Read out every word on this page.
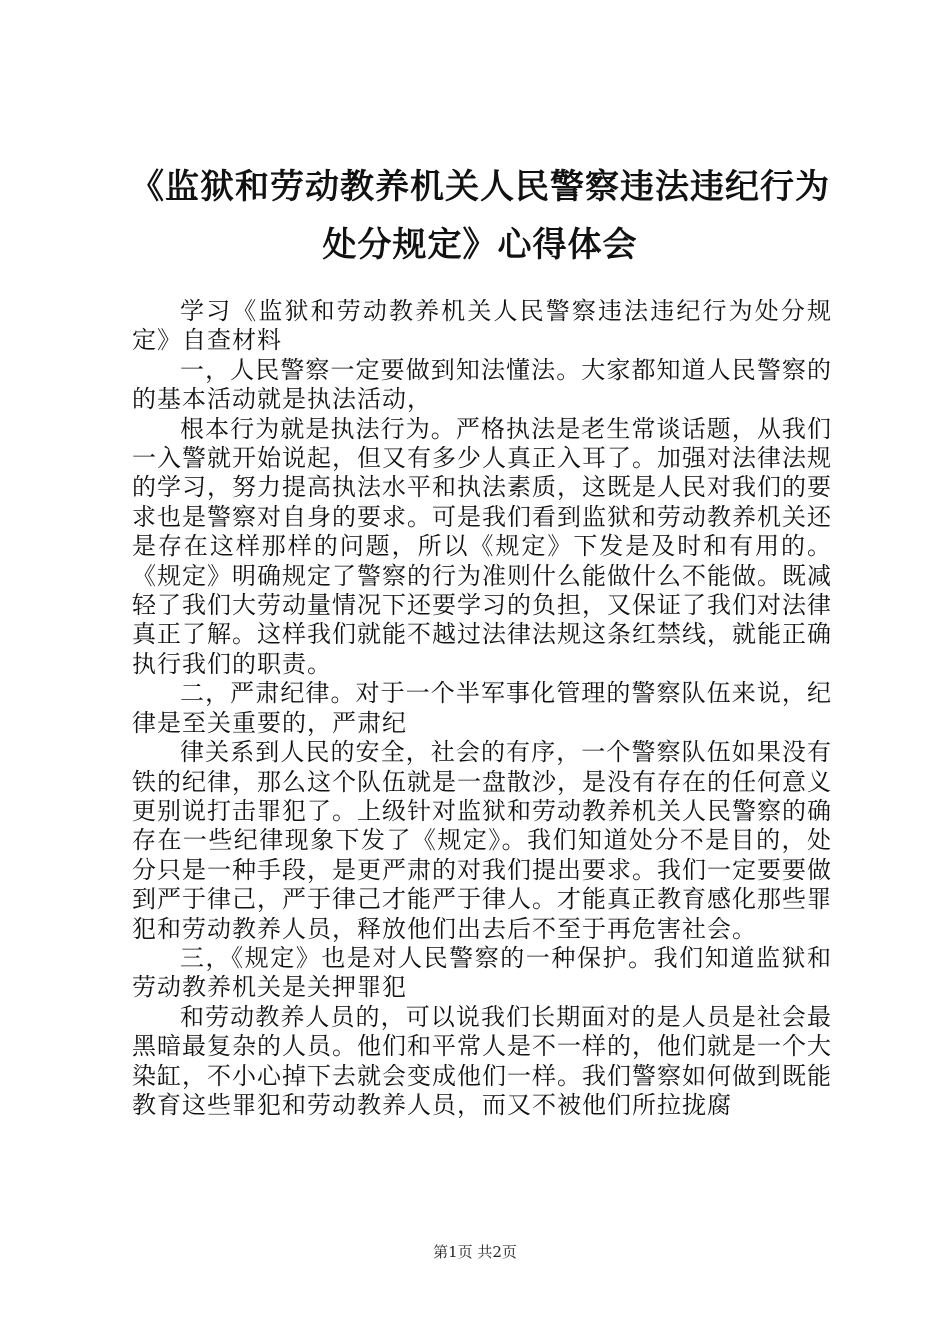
《监狱和劳动教养机关人民警察违法违纪行为
处分规定》心得体会

学习《监狱和劳动教养机关人民警察违法违纪行为处分规定》自查材料

一，人民警察一定要做到知法懂法。大家都知道人民警察的的基本活动就是执法活动，

根本行为就是执法行为。严格执法是老生常谈话题，从我们一入警就开始说起，但又有多少人真正入耳了。加强对法律法规的学习，努力提高执法水平和执法素质，这既是人民对我们的要求也是警察对自身的要求。可是我们看到监狱和劳动教养机关还是存在这样那样的问题，所以《规定》下发是及时和有用的。《规定》明确规定了警察的行为准则什么能做什么不能做。既减轻了我们大劳动量情况下还要学习的负担，又保证了我们对法律真正了解。这样我们就能不越过法律法规这条红禁线，就能正确执行我们的职责。

二，严肃纪律。对于一个半军事化管理的警察队伍来说，纪律是至关重要的，严肃纪

律关系到人民的安全，社会的有序，一个警察队伍如果没有铁的纪律，那么这个队伍就是一盘散沙，是没有存在的任何意义更别说打击罪犯了。上级针对监狱和劳动教养机关人民警察的确存在一些纪律现象下发了《规定》。我们知道处分不是目的，处分只是一种手段，是更严肃的对我们提出要求。我们一定要要做到严于律己，严于律己才能严于律人。才能真正教育感化那些罪犯和劳动教养人员，释放他们出去后不至于再危害社会。

三，《规定》也是对人民警察的一种保护。我们知道监狱和劳动教养机关是关押罪犯

和劳动教养人员的，可以说我们长期面对的是人员是社会最黑暗最复杂的人员。他们和平常人是不一样的，他们就是一个大染缸，不小心掉下去就会变成他们一样。我们警察如何做到既能教育这些罪犯和劳动教养人员，而又不被他们所拉拢腐

第1页 共2页
